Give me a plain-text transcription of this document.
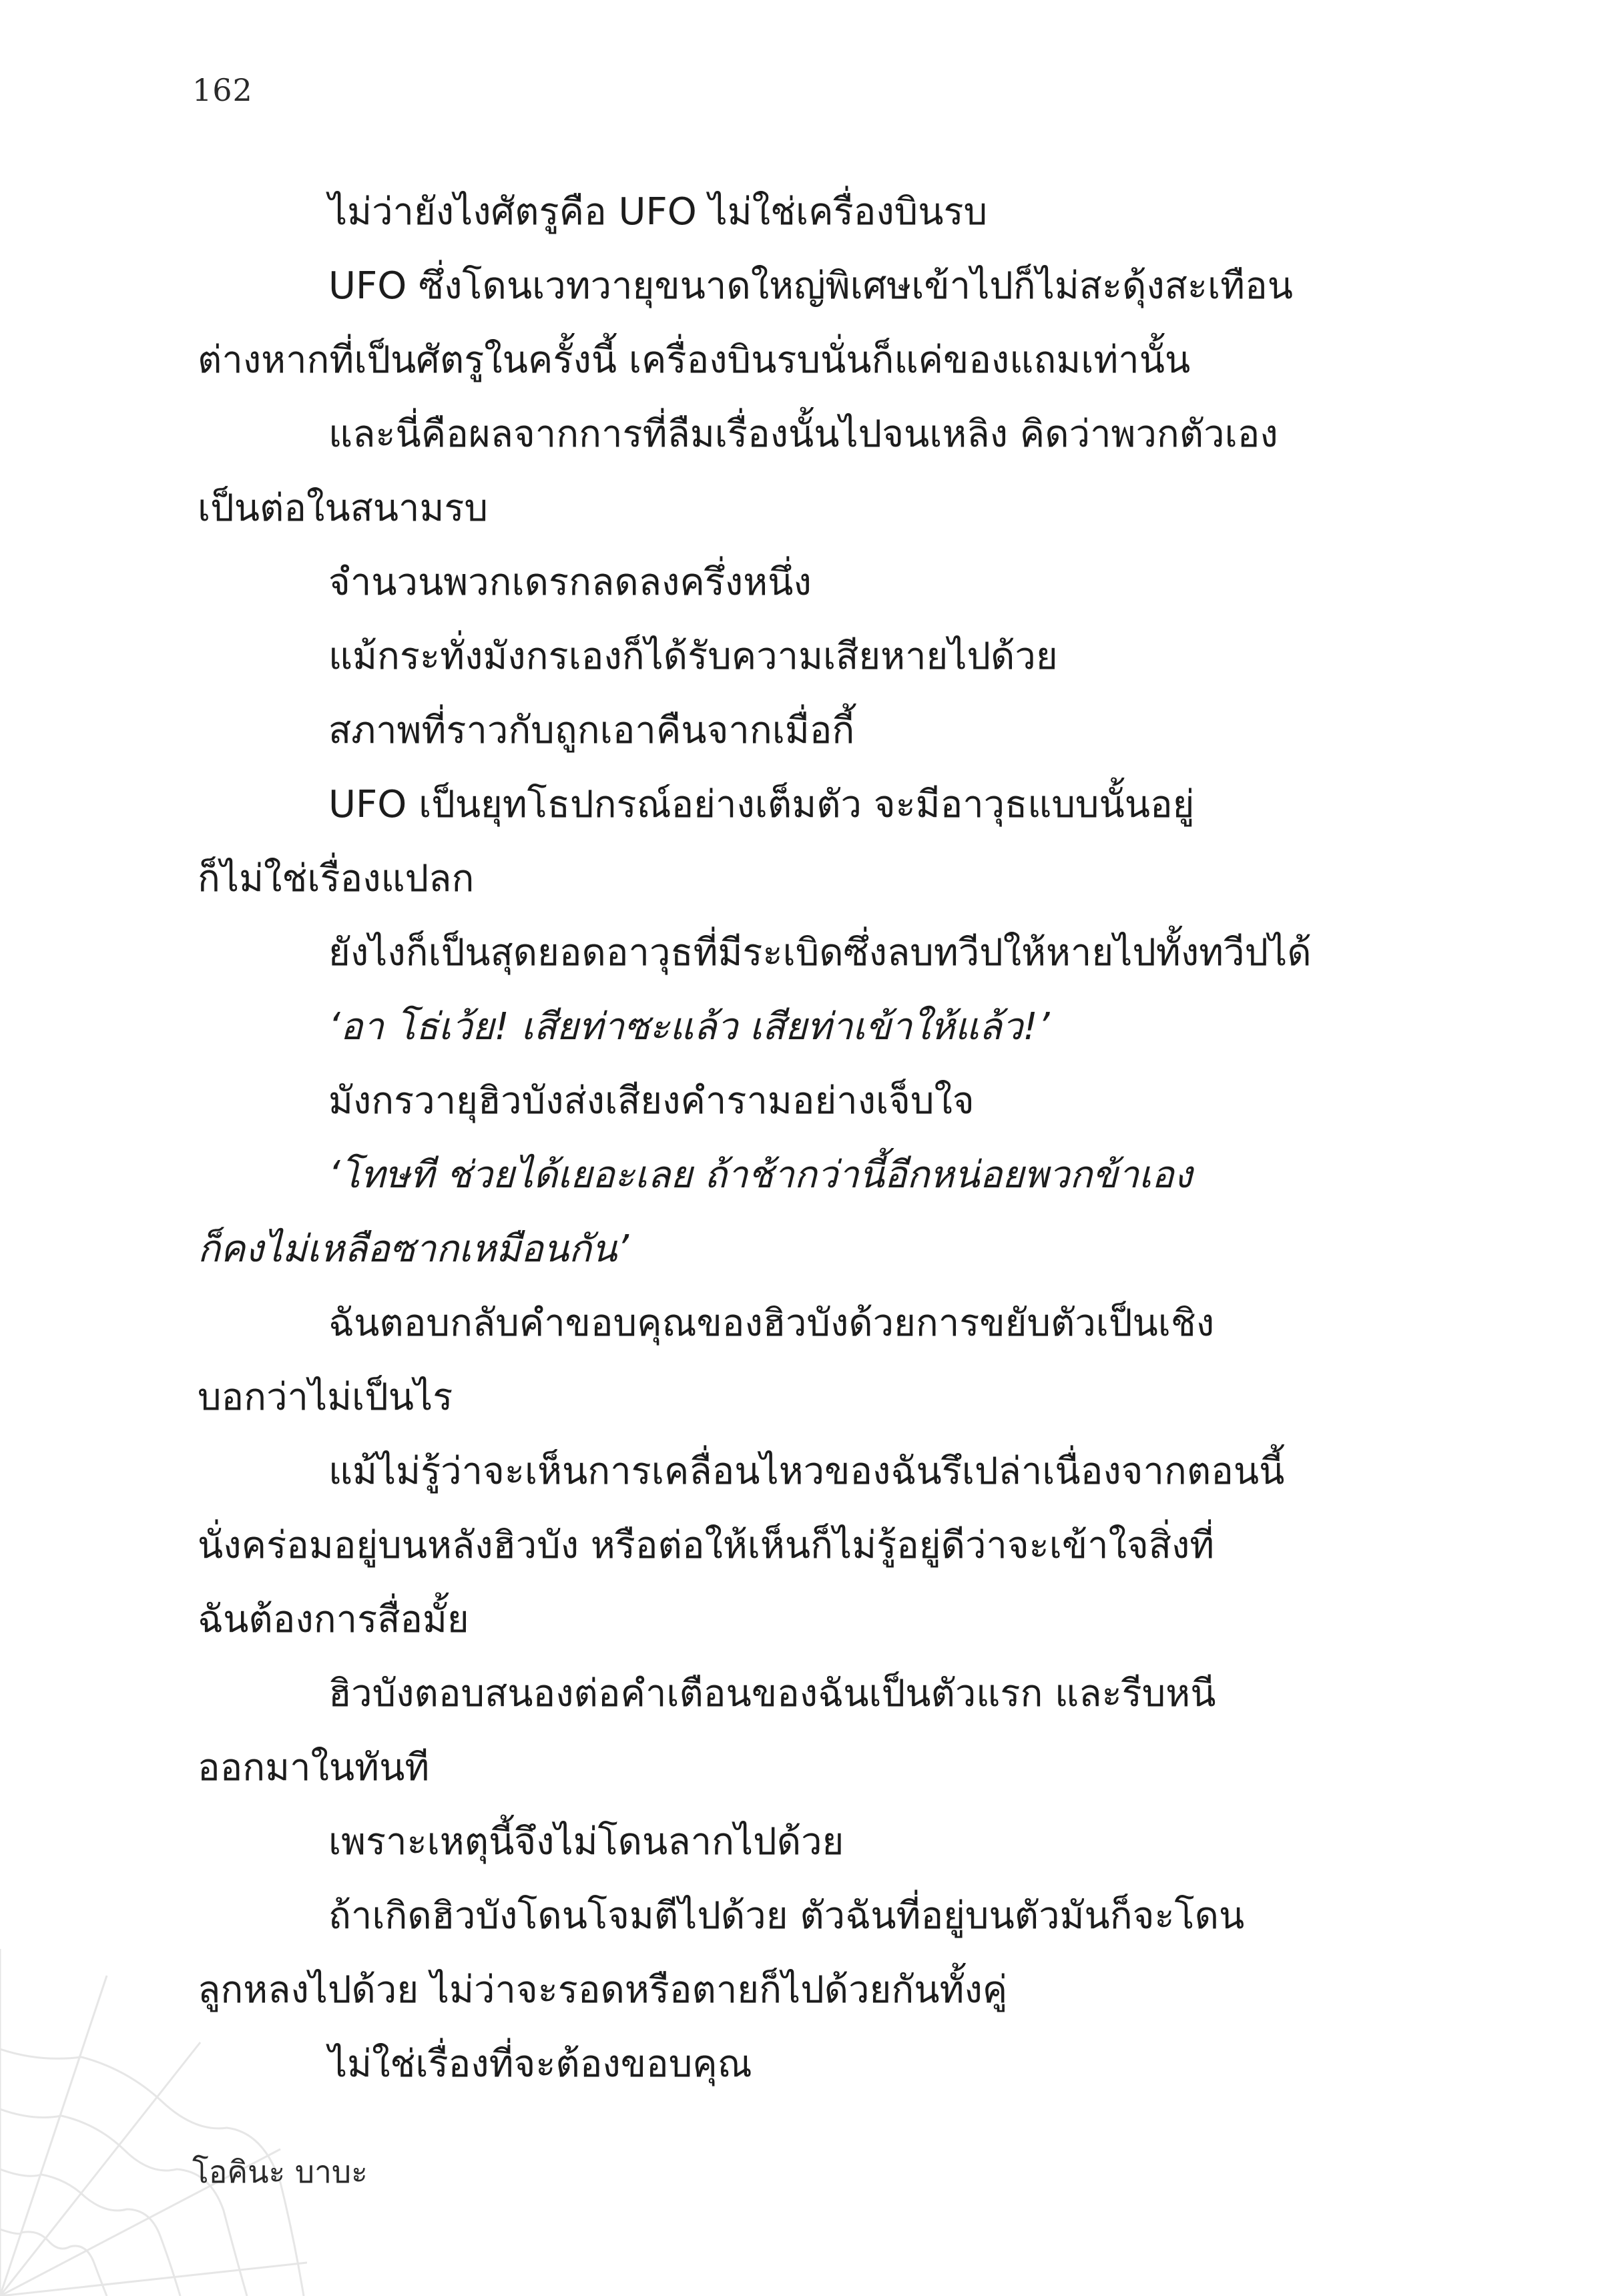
162
ไม่ว่ายังไงศัตรูคือ UFO ไม่ใช่เครื่องบินรบ
UFO ซึ่งโดนเวทวายุขนาดใหญ่พิเศษเข้าไปก็ไม่สะดุ้งสะเทือน
ต่างหากที่เป็นศัตรูในครั้งนี้ เครื่องบินรบนั่นก็แค่ของแถมเท่านั้น
และนี่คือผลจากการที่ลืมเรื่องนั้นไปจนเหลิง คิดว่าพวกตัวเอง
เป็นต่อในสนามรบ
จำนวนพวกเดรกลดลงครึ่งหนึ่ง
แม้กระทั่งมังกรเองก็ได้รับความเสียหายไปด้วย
สภาพที่ราวกับถูกเอาคืนจากเมื่อกี้
UFO เป็นยุทโธปกรณ์อย่างเต็มตัว จะมีอาวุธแบบนั้นอยู่
ก็ไม่ใช่เรื่องแปลก
ยังไงก็เป็นสุดยอดอาวุธที่มีระเบิดซึ่งลบทวีปให้หายไปทั้งทวีปได้
‘อา โธ่เว้ย! เสียท่าซะแล้ว เสียท่าเข้าให้แล้ว!’
มังกรวายุฮิวบังส่งเสียงคำรามอย่างเจ็บใจ
‘โทษที ช่วยได้เยอะเลย ถ้าช้ากว่านี้อีกหน่อยพวกข้าเอง
ก็คงไม่เหลือซากเหมือนกัน’
ฉันตอบกลับคำขอบคุณของฮิวบังด้วยการขยับตัวเป็นเชิง
บอกว่าไม่เป็นไร
แม้ไม่รู้ว่าจะเห็นการเคลื่อนไหวของฉันรึเปล่าเนื่องจากตอนนี้
นั่งคร่อมอยู่บนหลังฮิวบัง หรือต่อให้เห็นก็ไม่รู้อยู่ดีว่าจะเข้าใจสิ่งที่
ฉันต้องการสื่อมั้ย
ฮิวบังตอบสนองต่อคำเตือนของฉันเป็นตัวแรก และรีบหนี
ออกมาในทันที
เพราะเหตุนี้จึงไม่โดนลากไปด้วย
ถ้าเกิดฮิวบังโดนโจมตีไปด้วย ตัวฉันที่อยู่บนตัวมันก็จะโดน
ลูกหลงไปด้วย ไม่ว่าจะรอดหรือตายก็ไปด้วยกันทั้งคู่
ไม่ใช่เรื่องที่จะต้องขอบคุณ
โอคินะ บาบะ
